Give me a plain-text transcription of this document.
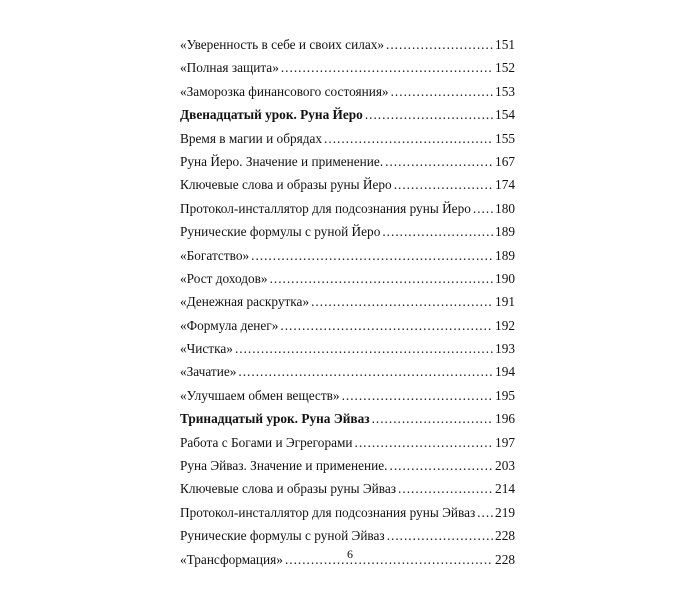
«Уверенность в себе и своих силах» .....	151
«Полная защита» .....	152
«Заморозка финансового состояния» .....	153
Двенадцатый урок. Руна Йеро .....	154
Время в магии и обрядах .....	155
Руна Йеро. Значение и применение. .....	167
Ключевые слова и образы руны Йеро .....	174
Протокол-инсталлятор для подсознания руны Йеро ..... 180
Рунические формулы с руной Йеро .....	189
«Богатство» .....	189
«Рост доходов» .....	190
«Денежная раскрутка» .....	191
«Формула денег» .....	192
«Чистка» .....	193
«Зачатие» .....	194
«Улучшаем обмен веществ» .....	195
Тринадцатый урок. Руна Эйваз .....	196
Работа с Богами и Эгрегорами .....	197
Руна Эйваз. Значение и применение. .....	203
Ключевые слова и образы руны Эйваз .....	214
Протокол-инсталлятор для подсознания руны Эйваз ..... 219
Рунические формулы с руной Эйваз .....	228
«Трансформация» .....	228
6
